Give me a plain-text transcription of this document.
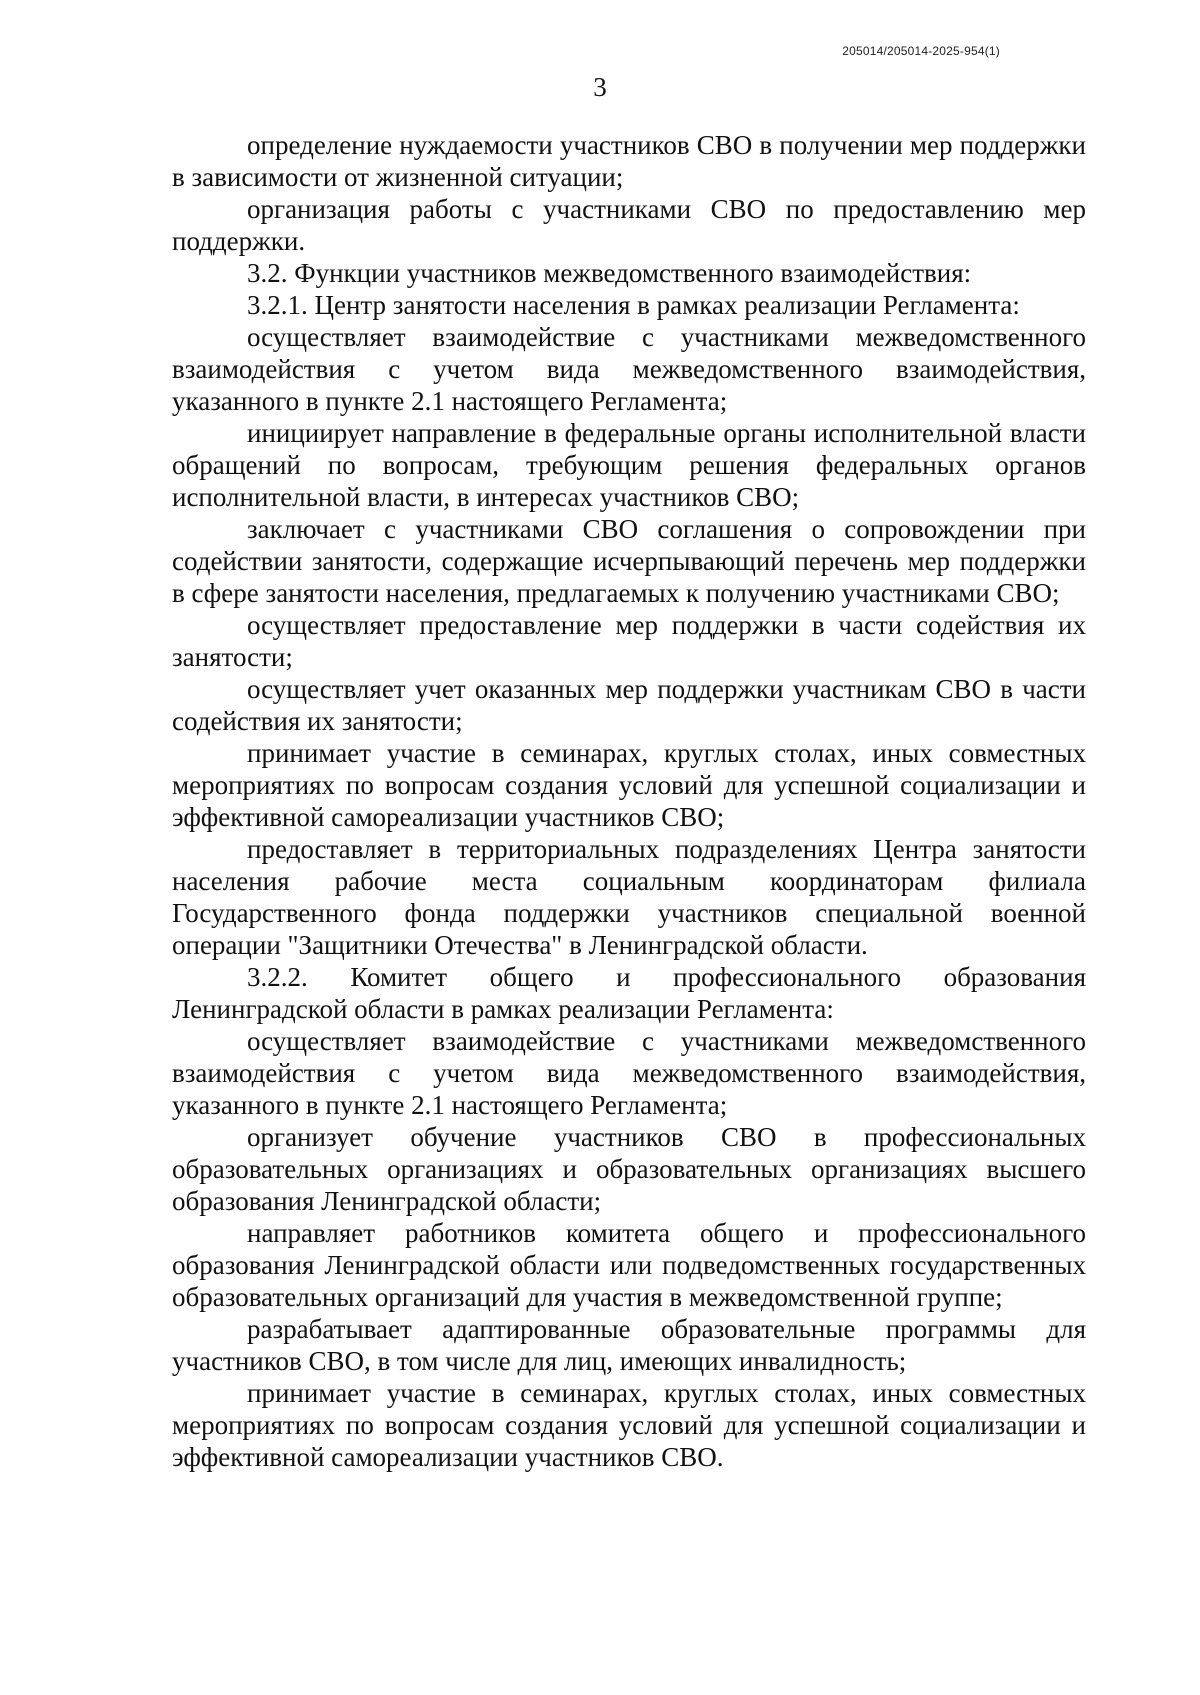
205014/205014-2025-954(1)
3

определение нуждаемости участников СВО в получении мер поддержки в зависимости от жизненной ситуации;

организация работы с участниками СВО по предоставлению мер поддержки.

3.2. Функции участников межведомственного взаимодействия:

3.2.1. Центр занятости населения в рамках реализации Регламента:

осуществляет взаимодействие с участниками межведомственного взаимодействия с учетом вида межведомственного взаимодействия, указанного в пункте 2.1 настоящего Регламента;

инициирует направление в федеральные органы исполнительной власти обращений по вопросам, требующим решения федеральных органов исполнительной власти, в интересах участников СВО;

заключает с участниками СВО соглашения о сопровождении при содействии занятости, содержащие исчерпывающий перечень мер поддержки в сфере занятости населения, предлагаемых к получению участниками СВО;

осуществляет предоставление мер поддержки в части содействия их занятости;

осуществляет учет оказанных мер поддержки участникам СВО в части содействия их занятости;

принимает участие в семинарах, круглых столах, иных совместных мероприятиях по вопросам создания условий для успешной социализации и эффективной самореализации участников СВО;

предоставляет в территориальных подразделениях Центра занятости населения рабочие места социальным координаторам филиала Государственного фонда поддержки участников специальной военной операции "Защитники Отечества" в Ленинградской области.

3.2.2. Комитет общего и профессионального образования Ленинградской области в рамках реализации Регламента:

осуществляет взаимодействие с участниками межведомственного взаимодействия с учетом вида межведомственного взаимодействия, указанного в пункте 2.1 настоящего Регламента;

организует обучение участников СВО в профессиональных образовательных организациях и образовательных организациях высшего образования Ленинградской области;

направляет работников комитета общего и профессионального образования Ленинградской области или подведомственных государственных образовательных организаций для участия в межведомственной группе;

разрабатывает адаптированные образовательные программы для участников СВО, в том числе для лиц, имеющих инвалидность;

принимает участие в семинарах, круглых столах, иных совместных мероприятиях по вопросам создания условий для успешной социализации и эффективной самореализации участников СВО.
